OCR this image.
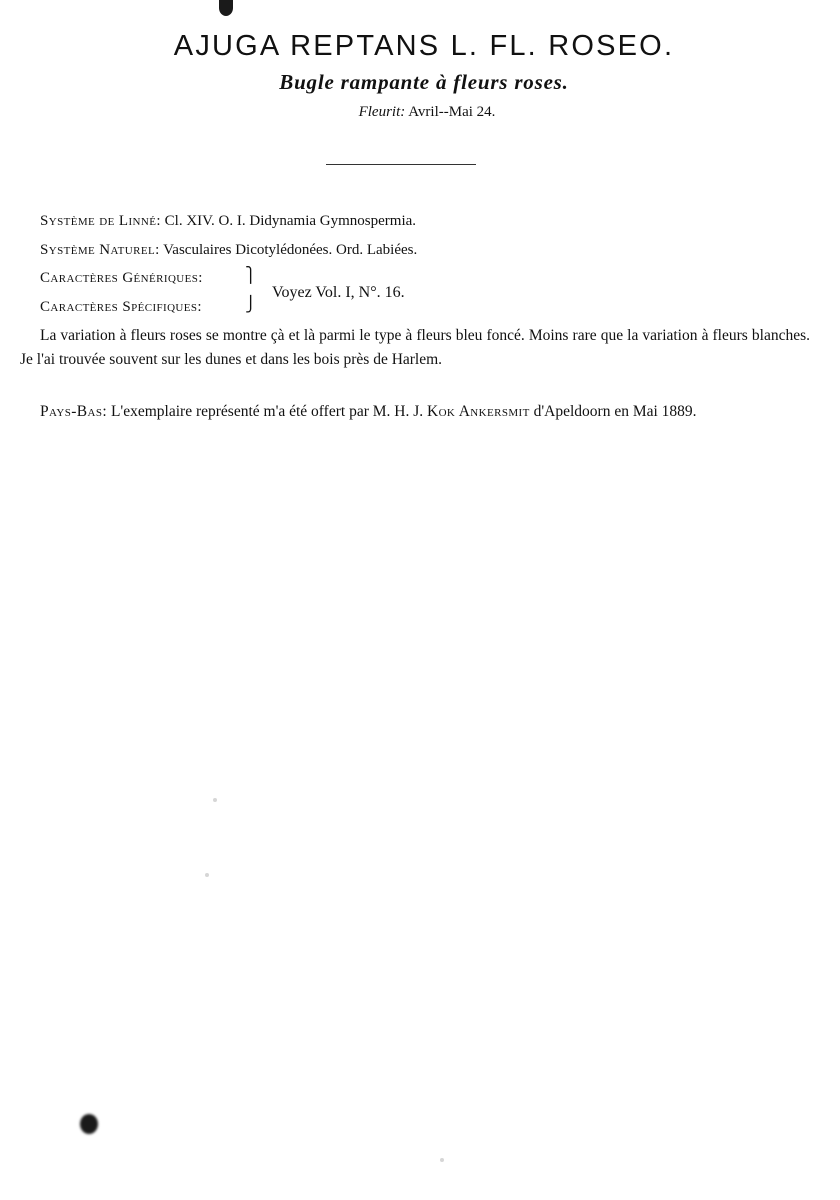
AJUGA REPTANS L. FL. ROSEO.
Bugle rampante à fleurs roses.
Fleurit: Avril--Mai 24.
Système de Linné: Cl. XIV. O. I. Didynamia Gymnospermia.
Système Naturel: Vasculaires Dicotylédonées. Ord. Labiées.
Caractères Génériques:
Caractères Spécifiques:
⎫
⎭
Voyez Vol. I, N°. 16.
La variation à fleurs roses se montre çà et là parmi le type à fleurs bleu foncé. Moins rare que la variation à fleurs blanches. Je l'ai trouvée souvent sur les dunes et dans les bois près de Harlem.
Pays-Bas: L'exemplaire représenté m'a été offert par M. H. J. Kok Ankersmit d'Apeldoorn en Mai 1889.
